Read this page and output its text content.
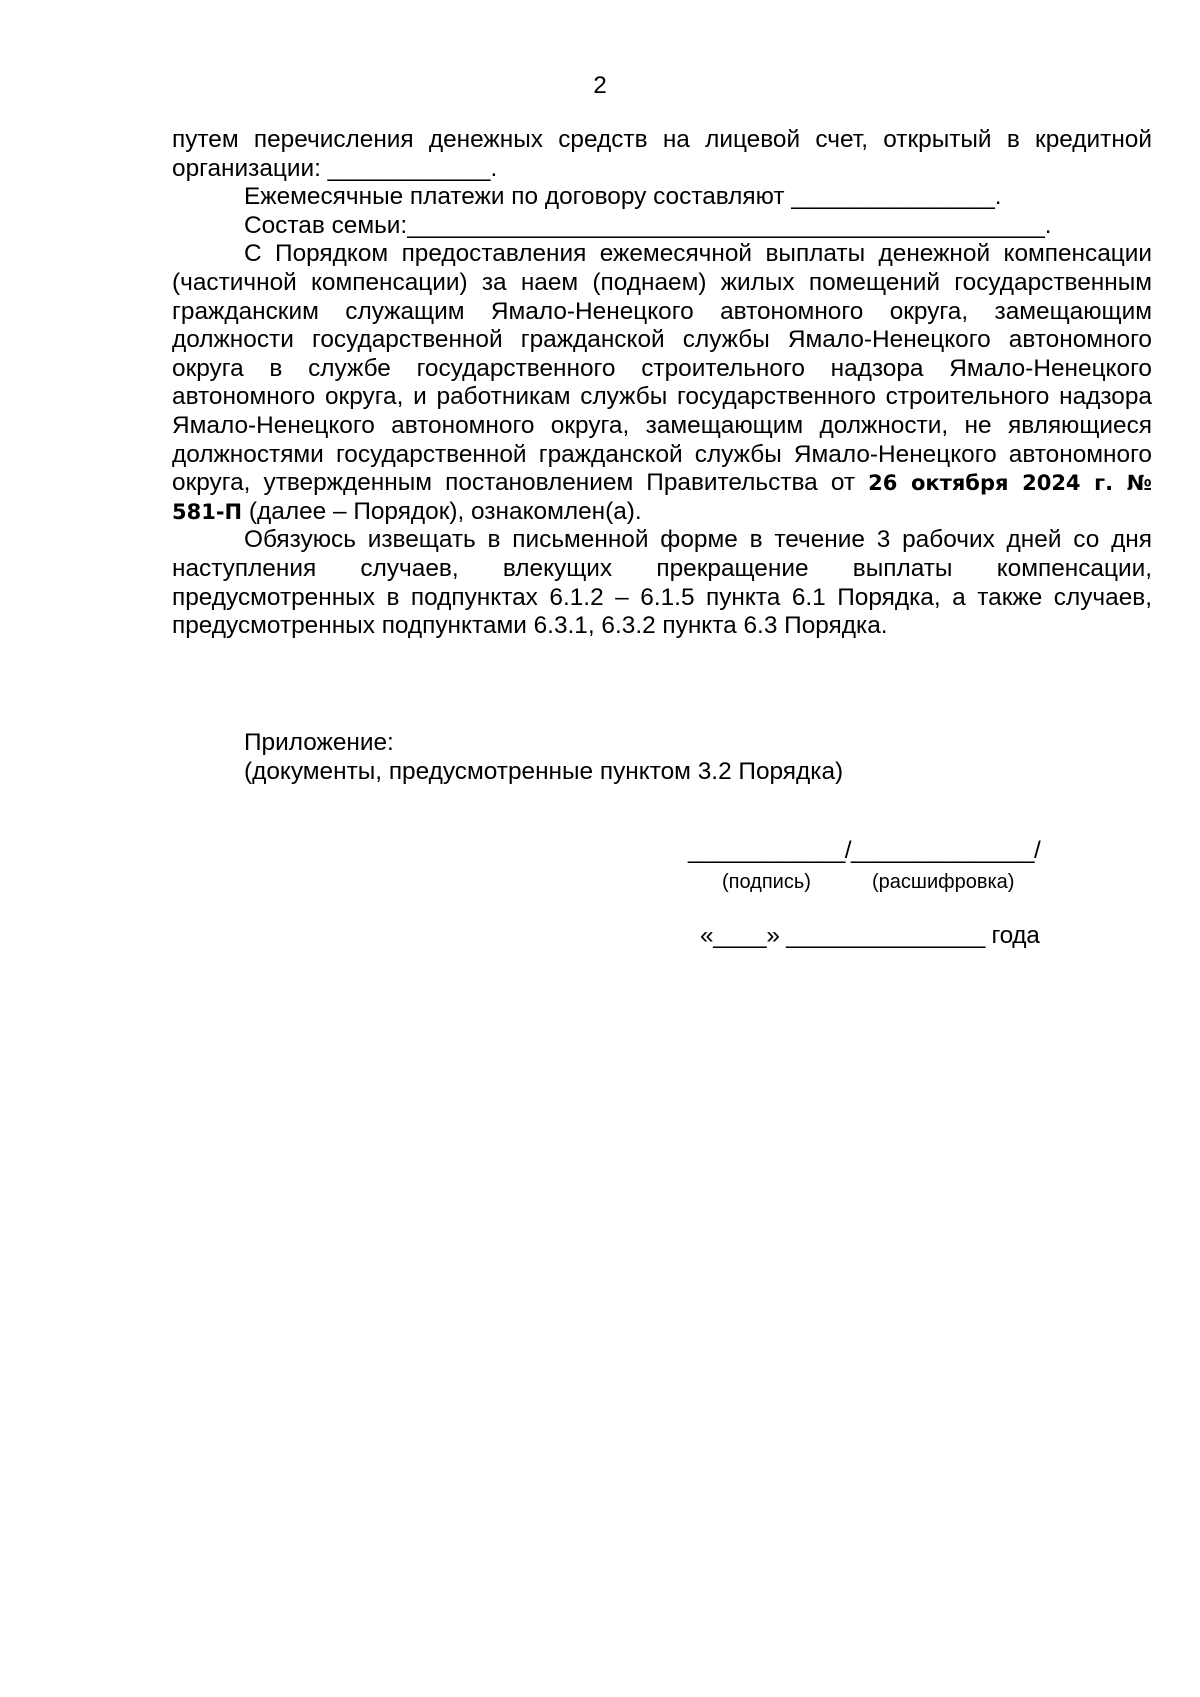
2

путем перечисления денежных средств на лицевой счет, открытый в кредитной организации: ____________.

Ежемесячные платежи по договору составляют _______________.

Состав семьи:_______________________________________________.

С Порядком предоставления ежемесячной выплаты денежной компенсации (частичной компенсации) за наем (поднаем) жилых помещений государственным гражданским служащим Ямало-Ненецкого автономного округа, замещающим должности государственной гражданской службы Ямало-Ненецкого автономного округа в службе государственного строительного надзора Ямало-Ненецкого автономного округа, и работникам службы государственного строительного надзора Ямало-Ненецкого автономного округа, замещающим должности, не являющиеся должностями государственной гражданской службы Ямало-Ненецкого автономного округа, утвержденным постановлением Правительства от 26 октября 2024 г. № 581-П (далее – Порядок), ознакомлен(а).

Обязуюсь извещать в письменной форме в течение 3 рабочих дней со дня наступления случаев, влекущих прекращение выплаты компенсации, предусмотренных в подпунктах 6.1.2 – 6.1.5 пункта 6.1 Порядка, а также случаев, предусмотренных подпунктами 6.3.1, 6.3.2 пункта 6.3 Порядка.

Приложение:
(документы, предусмотренные пунктом 3.2 Порядка)
____________/______________/
(подпись)	(расшифровка)
«____» _______________ года
